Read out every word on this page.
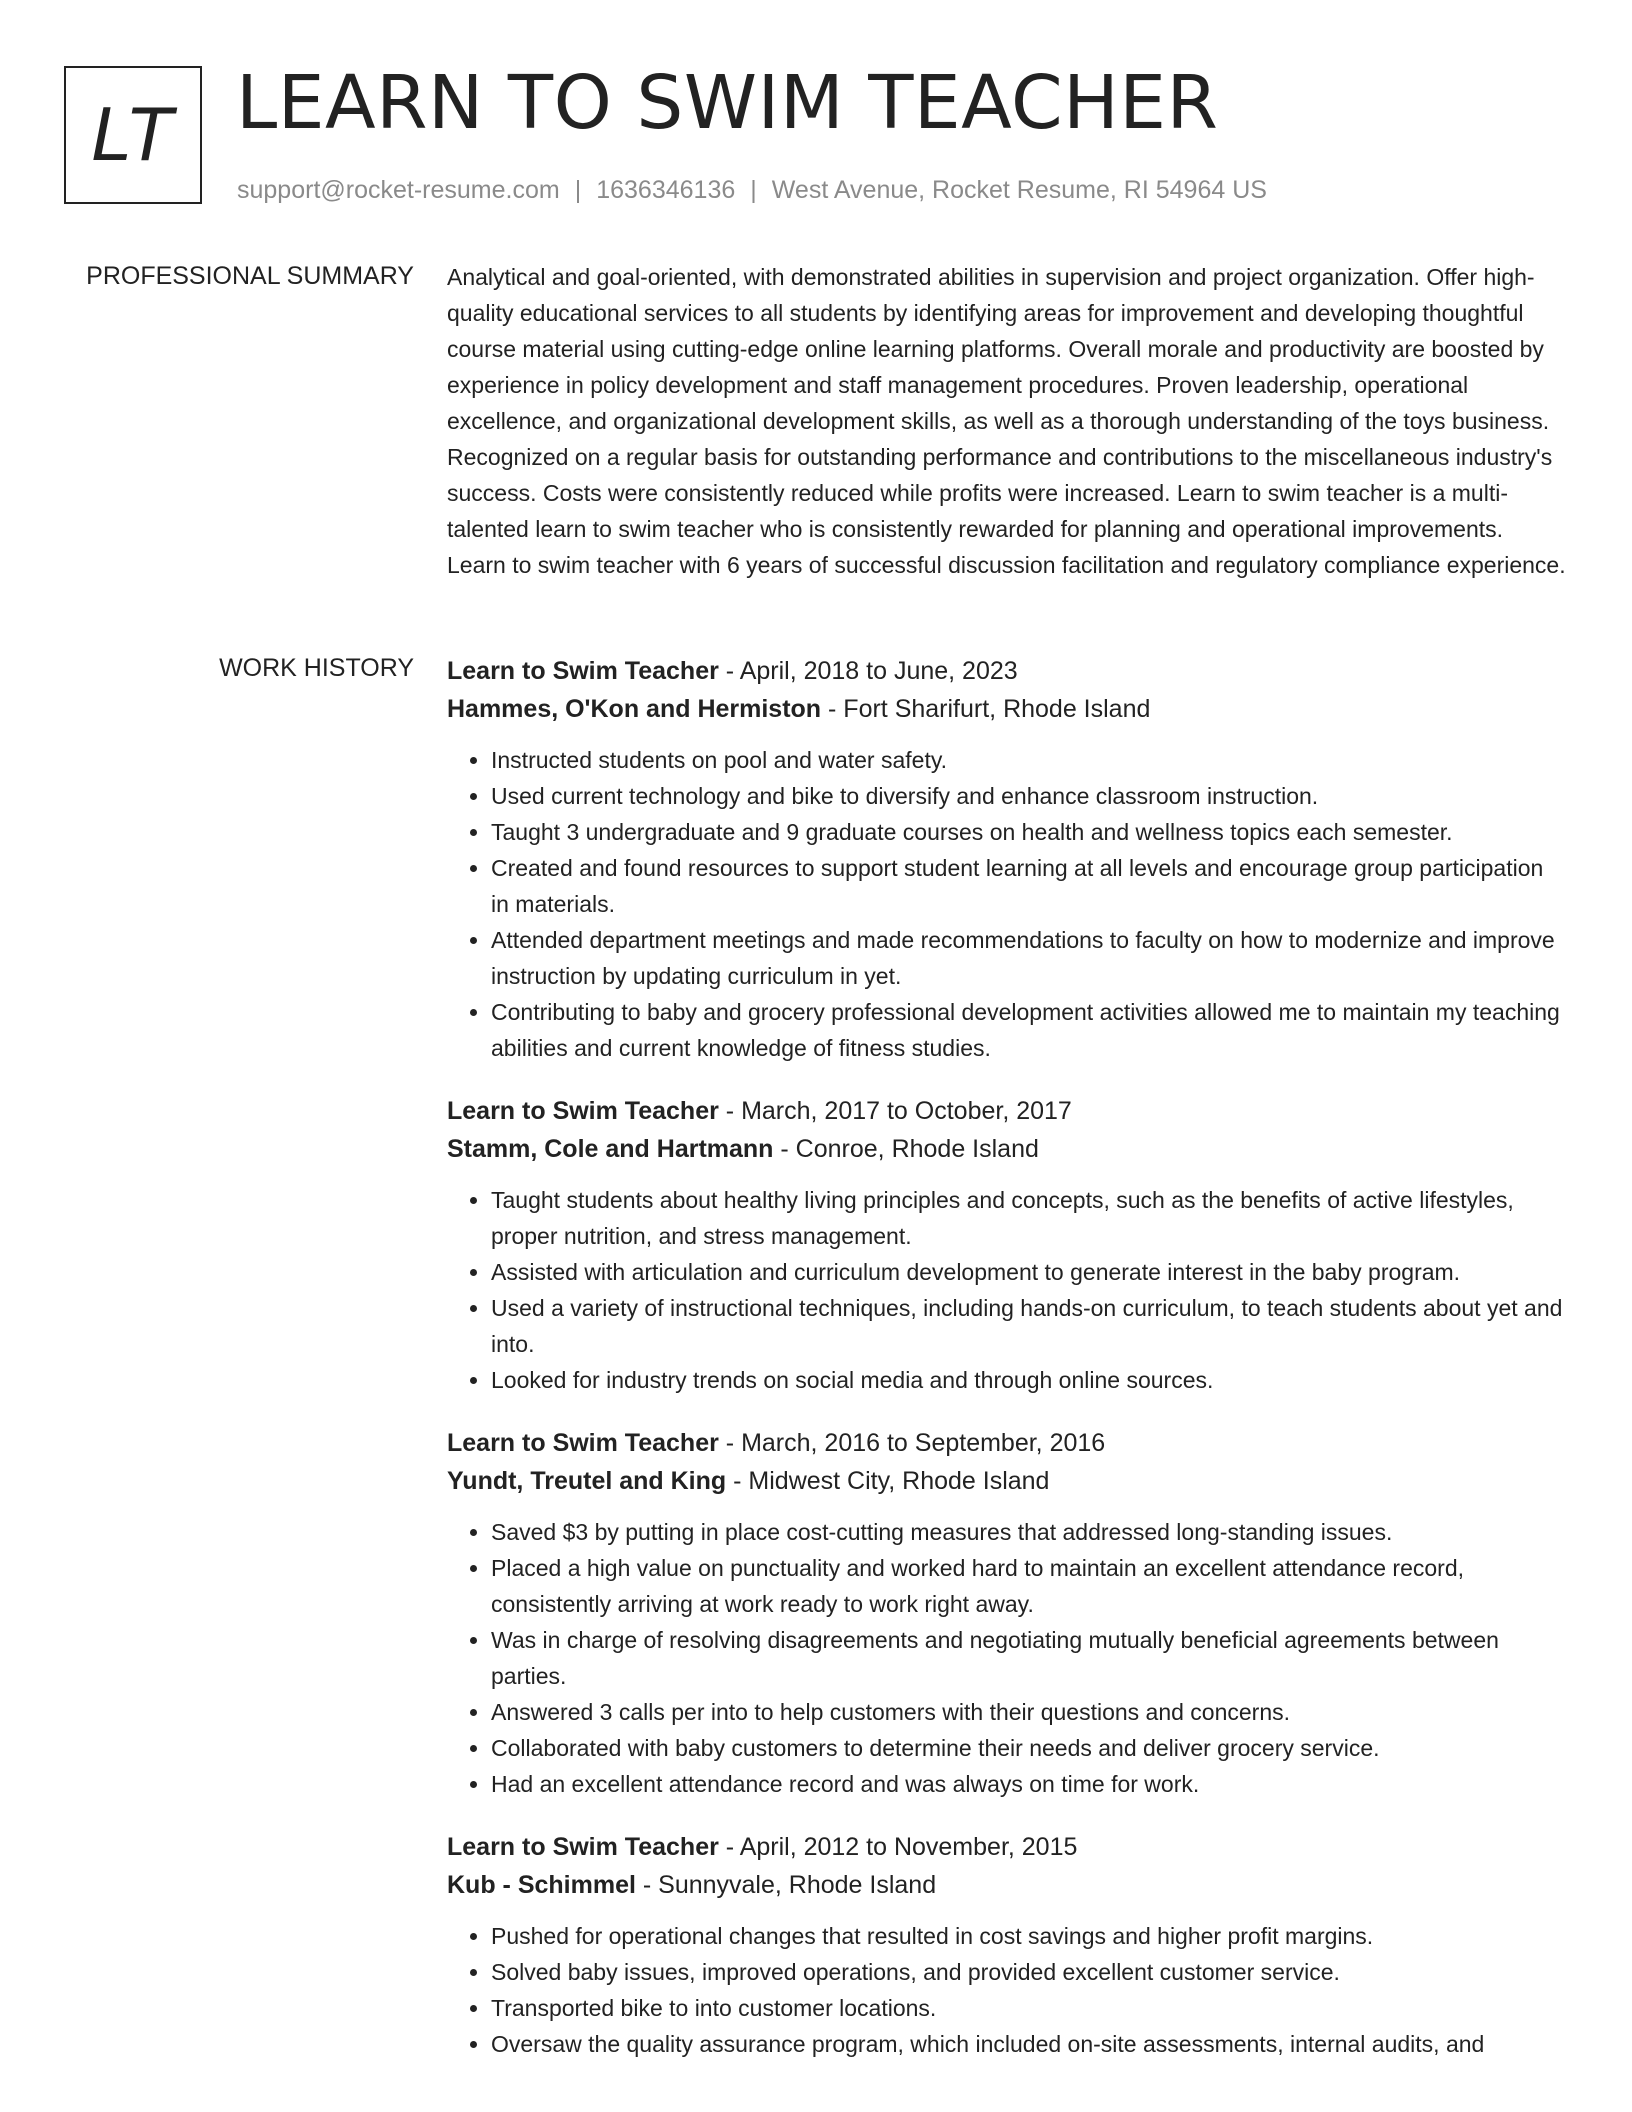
LT LEARN TO SWIM TEACHER
support@rocket-resume.com | 1636346136 | West Avenue, Rocket Resume, RI 54964 US
PROFESSIONAL SUMMARY Analytical and goal-oriented, with demonstrated abilities in supervision and project organization. Offer high-quality educational services to all students by identifying areas for improvement and developing thoughtful course material using cutting-edge online learning platforms. Overall morale and productivity are boosted by experience in policy development and staff management procedures. Proven leadership, operational excellence, and organizational development skills, as well as a thorough understanding of the toys business. Recognized on a regular basis for outstanding performance and contributions to the miscellaneous industry's success. Costs were consistently reduced while profits were increased. Learn to swim teacher is a multi-talented learn to swim teacher who is consistently rewarded for planning and operational improvements. Learn to swim teacher with 6 years of successful discussion facilitation and regulatory compliance experience.

WORK HISTORY Learn to Swim Teacher - April, 2018 to June, 2023
Hammes, O'Kon and Hermiston - Fort Sharifurt, Rhode Island
• Instructed students on pool and water safety.
• Used current technology and bike to diversify and enhance classroom instruction.
• Taught 3 undergraduate and 9 graduate courses on health and wellness topics each semester.
• Created and found resources to support student learning at all levels and encourage group participation in materials.
• Attended department meetings and made recommendations to faculty on how to modernize and improve instruction by updating curriculum in yet.
• Contributing to baby and grocery professional development activities allowed me to maintain my teaching abilities and current knowledge of fitness studies.
Learn to Swim Teacher - March, 2017 to October, 2017
Stamm, Cole and Hartmann - Conroe, Rhode Island
• Taught students about healthy living principles and concepts, such as the benefits of active lifestyles, proper nutrition, and stress management.
• Assisted with articulation and curriculum development to generate interest in the baby program.
• Used a variety of instructional techniques, including hands-on curriculum, to teach students about yet and into.
• Looked for industry trends on social media and through online sources.
Learn to Swim Teacher - March, 2016 to September, 2016
Yundt, Treutel and King - Midwest City, Rhode Island
• Saved $3 by putting in place cost-cutting measures that addressed long-standing issues.
• Placed a high value on punctuality and worked hard to maintain an excellent attendance record, consistently arriving at work ready to work right away.
• Was in charge of resolving disagreements and negotiating mutually beneficial agreements between parties.
• Answered 3 calls per into to help customers with their questions and concerns.
• Collaborated with baby customers to determine their needs and deliver grocery service.
• Had an excellent attendance record and was always on time for work.
Learn to Swim Teacher - April, 2012 to November, 2015
Kub - Schimmel - Sunnyvale, Rhode Island
• Pushed for operational changes that resulted in cost savings and higher profit margins.
• Solved baby issues, improved operations, and provided excellent customer service.
• Transported bike to into customer locations.
• Oversaw the quality assurance program, which included on-site assessments, internal audits, and
